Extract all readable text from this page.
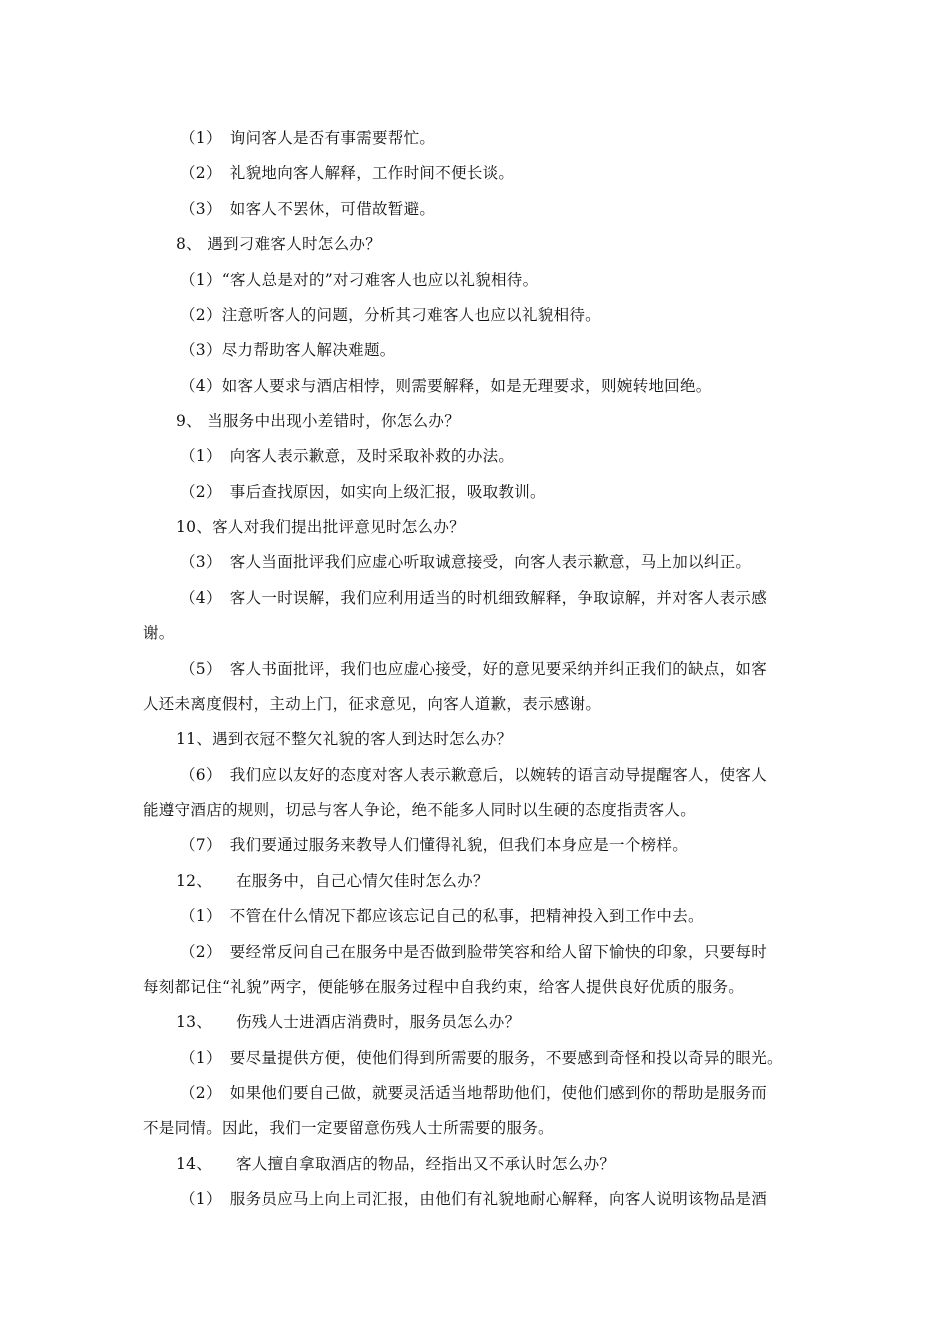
（1）　询问客人是否有事需要帮忙。
（2）　礼貌地向客人解释，工作时间不便长谈。
（3）　如客人不罢休，可借故暂避。
8、 遇到刁难客人时怎么办？
（1）“客人总是对的”对刁难客人也应以礼貌相待。
（2）注意听客人的问题，分析其刁难客人也应以礼貌相待。
（3）尽力帮助客人解决难题。
（4）如客人要求与酒店相悖，则需要解释，如是无理要求，则婉转地回绝。
9、 当服务中出现小差错时，你怎么办？
（1）　向客人表示歉意，及时采取补救的办法。
（2）　事后查找原因，如实向上级汇报，吸取教训。
10、客人对我们提出批评意见时怎么办？
（3）　客人当面批评我们应虚心听取诚意接受，向客人表示歉意，马上加以纠正。
（4）　客人一时误解，我们应利用适当的时机细致解释，争取谅解，并对客人表示感
谢。
（5）　客人书面批评，我们也应虚心接受，好的意见要采纳并纠正我们的缺点，如客
人还未离度假村，主动上门，征求意见，向客人道歉，表示感谢。
11、遇到衣冠不整欠礼貌的客人到达时怎么办？
（6）　我们应以友好的态度对客人表示歉意后，以婉转的语言动导提醒客人，使客人
能遵守酒店的规则，切忌与客人争论，绝不能多人同时以生硬的态度指责客人。
（7）　我们要通过服务来教导人们懂得礼貌，但我们本身应是一个榜样。
12、　　在服务中，自己心情欠佳时怎么办？
（1）　不管在什么情况下都应该忘记自己的私事，把精神投入到工作中去。
（2）　要经常反问自己在服务中是否做到脸带笑容和给人留下愉快的印象，只要每时
每刻都记住“礼貌”两字，便能够在服务过程中自我约束，给客人提供良好优质的服务。
13、　　伤残人士进酒店消费时，服务员怎么办？
（1）　要尽量提供方便，使他们得到所需要的服务，不要感到奇怪和投以奇异的眼光。
（2）　如果他们要自己做，就要灵活适当地帮助他们，使他们感到你的帮助是服务而
不是同情。因此，我们一定要留意伤残人士所需要的服务。
14、　　客人擅自拿取酒店的物品，经指出又不承认时怎么办？
（1）　服务员应马上向上司汇报，由他们有礼貌地耐心解释，向客人说明该物品是酒
